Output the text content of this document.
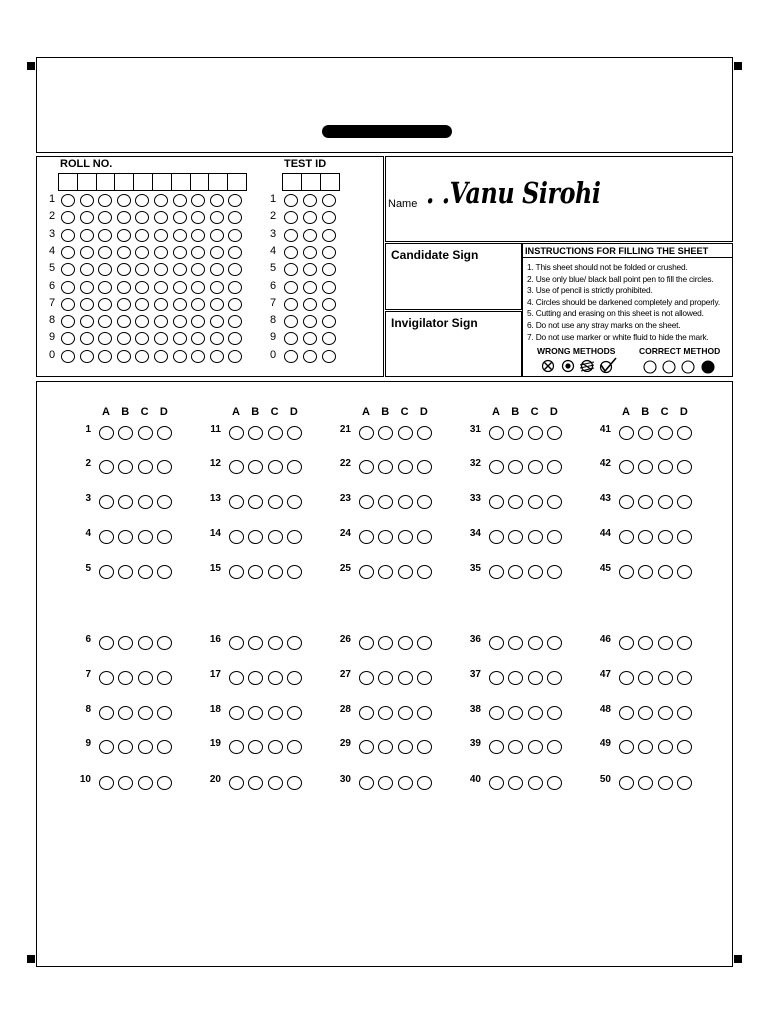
ROLL NO.	TEST ID
1	1
2	2
3	3
4	4
5	5
6	6
7	7
8	8
9	9
0	0
Name . .Vanu Sirohi
Candidate Sign
Invigilator Sign
INSTRUCTIONS FOR FILLING THE SHEET
1. This sheet should not be folded or crushed.
2. Use only blue/ black ball point pen to fill the circles.
3. Use of pencil is strictly prohibited.
4. Circles should be darkened completely and properly.
5. Cutting and erasing on this sheet is not allowed.
6. Do not use any stray marks on the sheet.
7. Do not use marker or white fluid to hide the mark.
WRONG METHODS	CORRECT METHOD
A B C D
1
2
3
4
5
6
7
8
9
10
A B C D
11
12
13
14
15
16
17
18
19
20
A B C D
21
22
23
24
25
26
27
28
29
30
A B C D
31
32
33
34
35
36
37
38
39
40
A B C D
41
42
43
44
45
46
47
48
49
50
